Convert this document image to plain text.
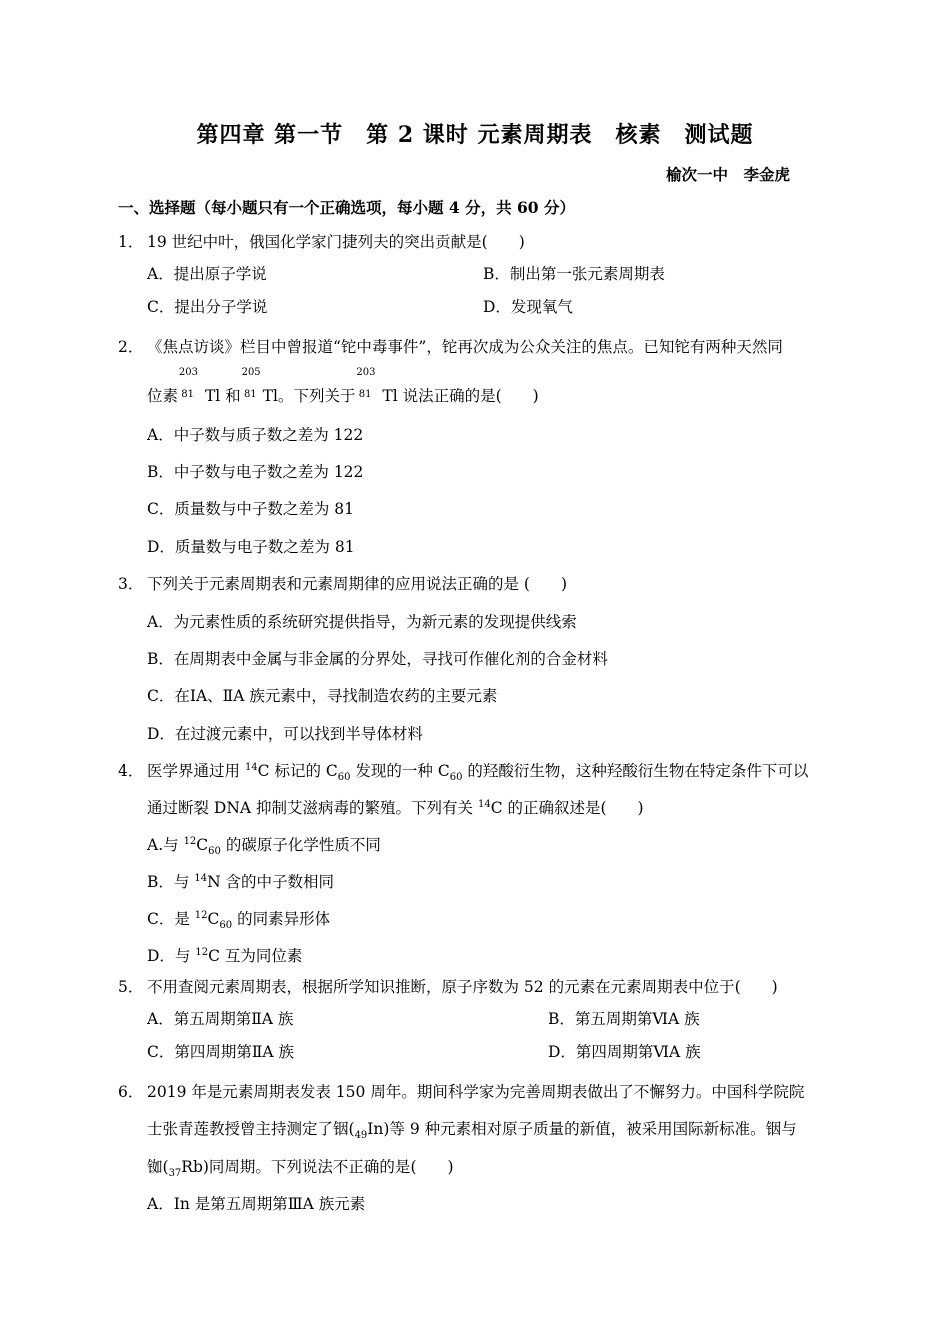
第四章 第一节　第 2 课时 元素周期表　核素　测试题
榆次一中　李金虎
一、选择题（每小题只有一个正确选项，每小题 4 分，共 60 分）
1． 19 世纪中叶，俄国化学家门捷列夫的突出贡献是(　　)
A．提出原子学说	B．制出第一张元素周期表
C．提出分子学说	D．发现氧气
2． 《焦点访谈》栏目中曾报道“铊中毒事件”，铊再次成为公众关注的焦点。已知铊有两种天然同
位素
203
81 Tl 和
205
81 Tl。下列关于
203
81 Tl 说法正确的是(　　)
A．中子数与质子数之差为 122
B．中子数与电子数之差为 122
C．质量数与中子数之差为 81
D．质量数与电子数之差为 81
3． 下列关于元素周期表和元素周期律的应用说法正确的是 (　　)
A．为元素性质的系统研究提供指导，为新元素的发现提供线索
B．在周期表中金属与非金属的分界处，寻找可作催化剂的合金材料
C．在ⅠA、ⅡA 族元素中，寻找制造农药的主要元素
D．在过渡元素中，可以找到半导体材料
4． 医学界通过用 $^{14}$C 标记的 $C_{60}$ 发现的一种 $C_{60}$ 的羟酸衍生物，这种羟酸衍生物在特定条件下可以
通过断裂 DNA 抑制艾滋病毒的繁殖。下列有关 $^{14}$C 的正确叙述是(　　)
A.与 $^{12}C_{60}$ 的碳原子化学性质不同
B．与 $^{14}$N 含的中子数相同
C．是 $^{12}C_{60}$ 的同素异形体
D．与 $^{12}$C 互为同位素
5． 不用查阅元素周期表，根据所学知识推断，原子序数为 52 的元素在元素周期表中位于(　　)
A．第五周期第ⅡA 族	B．第五周期第ⅥA 族
C．第四周期第ⅡA 族	D．第四周期第ⅥA 族
6． 2019 年是元素周期表发表 150 周年。期间科学家为完善周期表做出了不懈努力。中国科学院院
士张青莲教授曾主持测定了铟$(_{49}In)$等 9 种元素相对原子质量的新值，被采用国际新标准。铟与
铷$(_{37}Rb)$同周期。下列说法不正确的是(　　)
A．In 是第五周期第ⅢA 族元素
